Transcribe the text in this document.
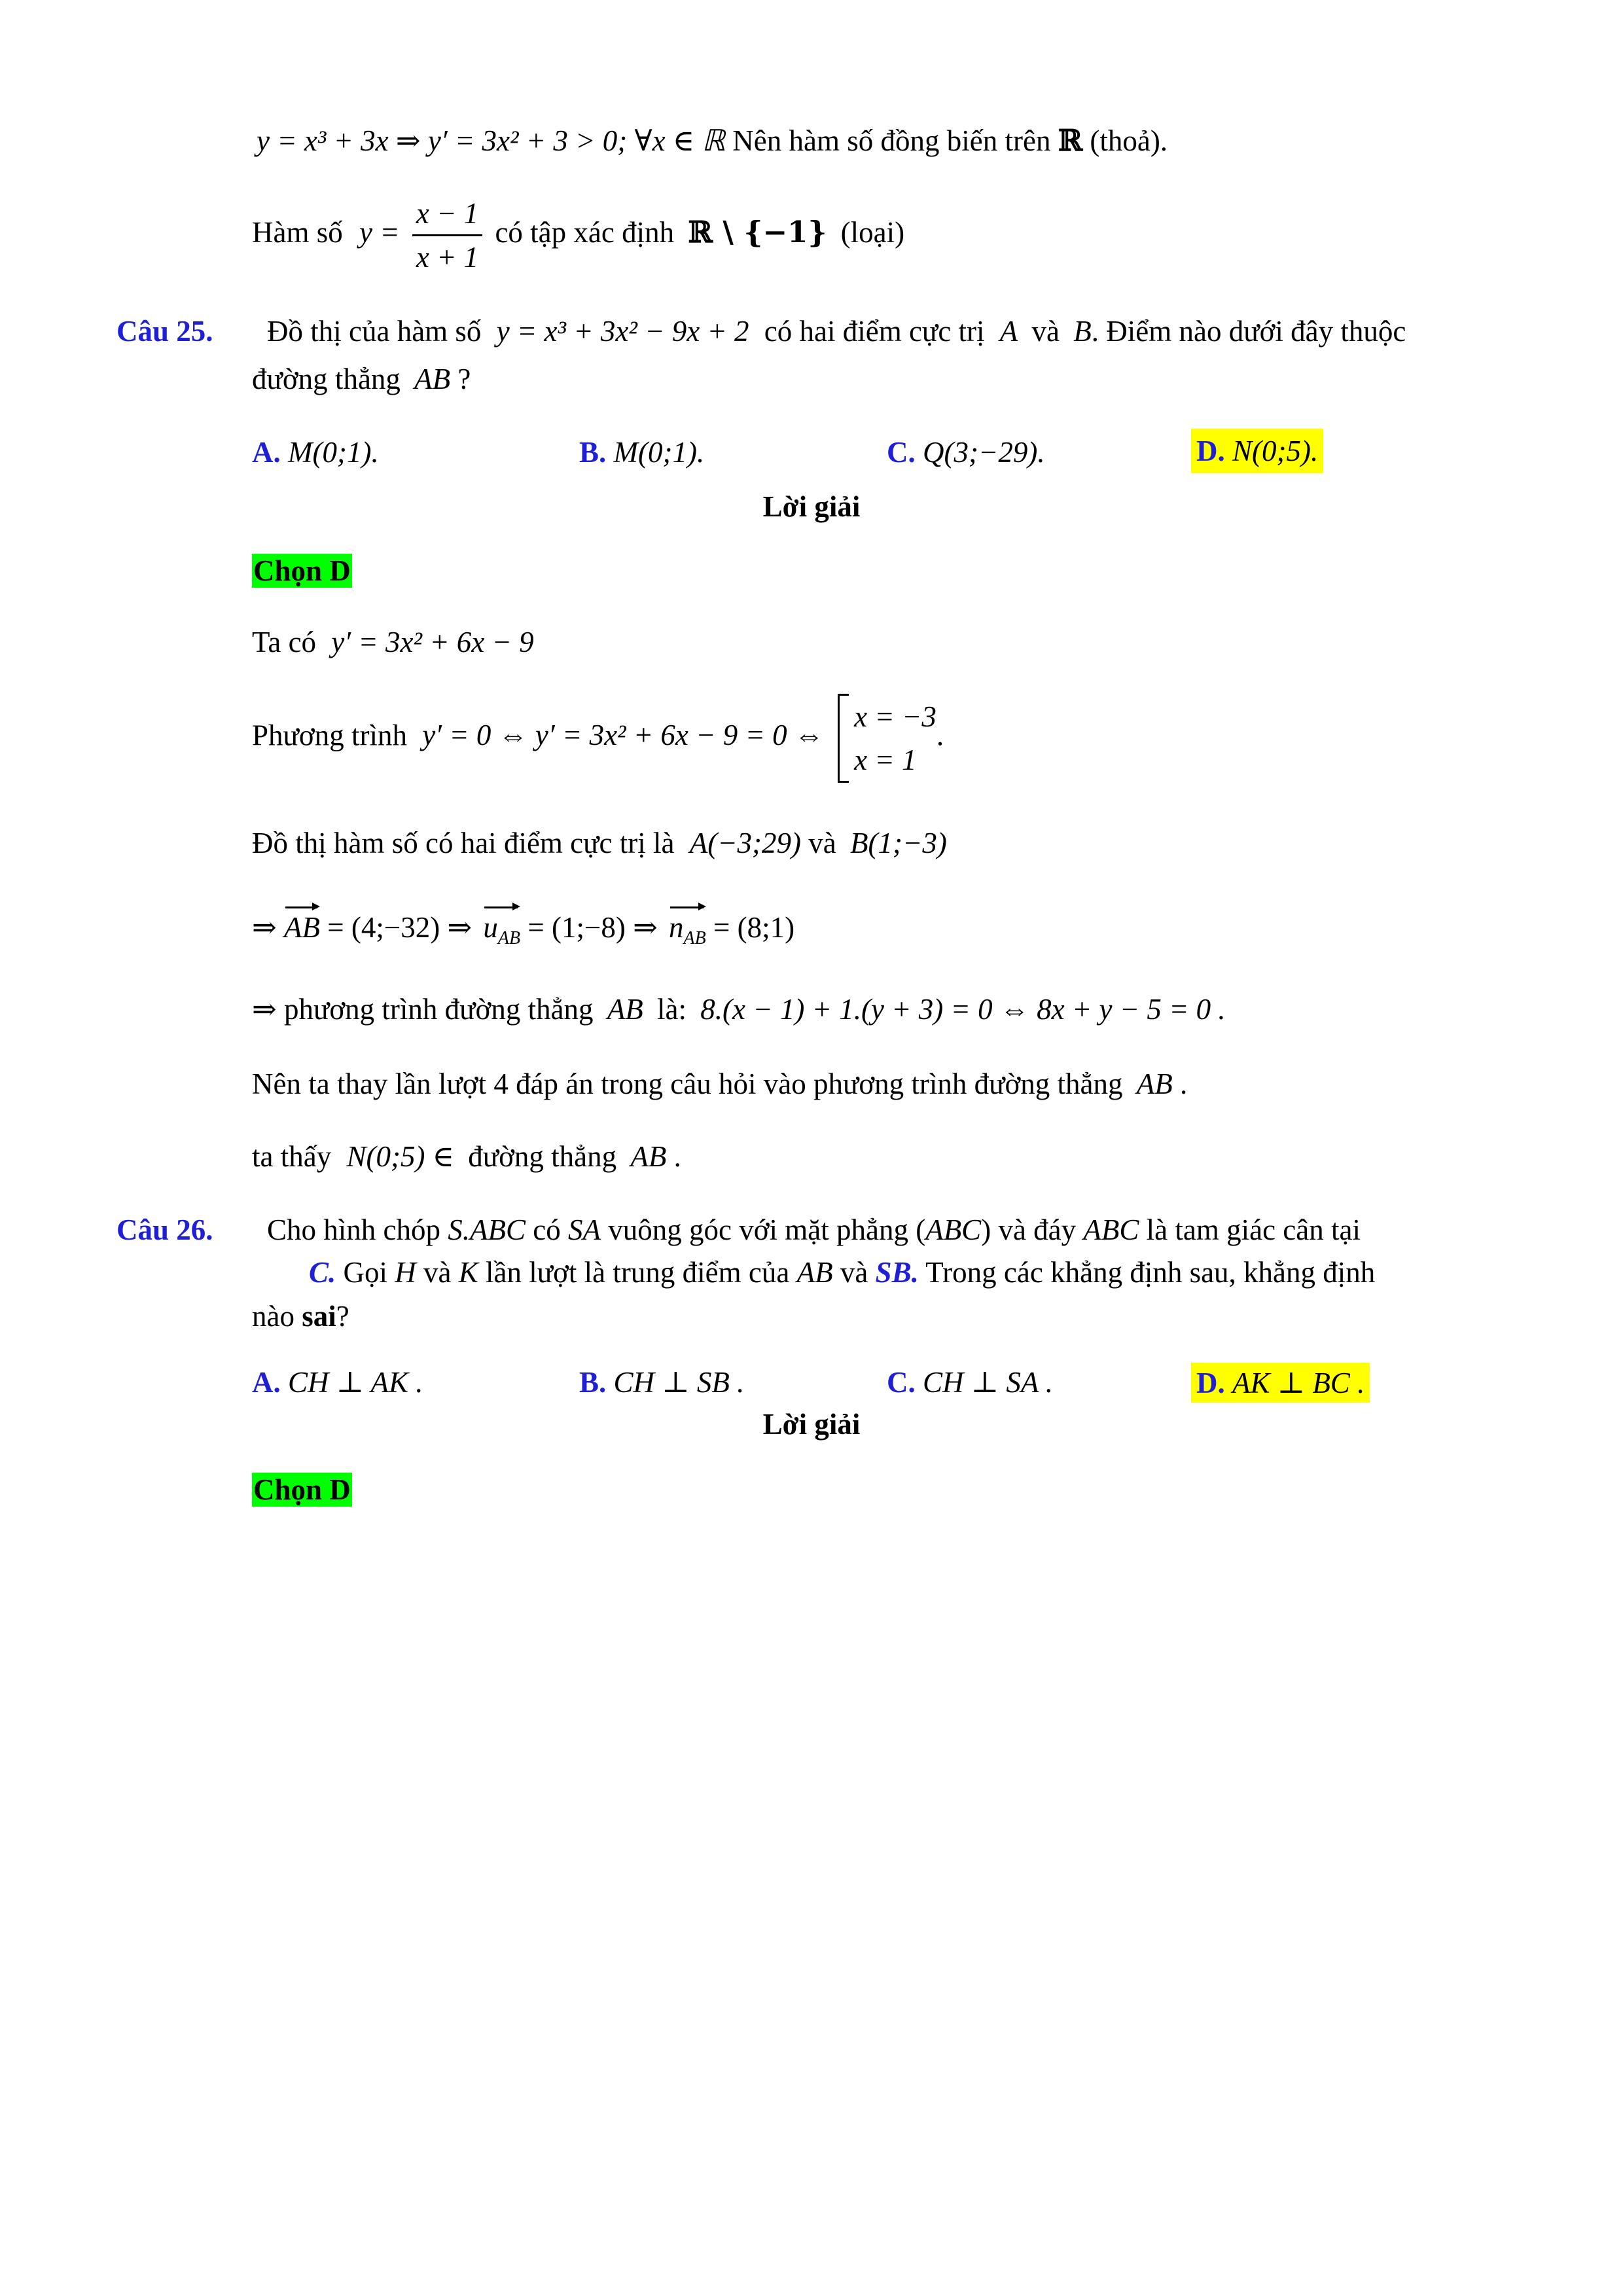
y = x³ + 3x ⇒ y′ = 3x² + 3 > 0; ∀x ∈ ℝ Nên hàm số đồng biến trên ℝ (thoả).
Hàm số $y = \frac{x - 1}{x + 1}$ có tập xác định ℝ \ {−1} (loại)
Câu 25. Đồ thị của hàm số y = x³ + 3x² − 9x + 2 có hai điểm cực trị A và B. Điểm nào dưới đây thuộc
đường thẳng AB ?
A. M(0;1).	B. M(0;1).	C. Q(3;−29).	D. N(0;5).
Lời giải
Chọn D
Ta có y′ = 3x² + 6x − 9
Phương trình y′ = 0 ⇔ y′ = 3x² + 6x − 9 = 0 ⇔
x = −3
x = 1
.
Đồ thị hàm số có hai điểm cực trị là A(−3;29) và B(1;−3)
⇒ AB = (4;−32) ⇒ $u_{AB}$ = (1;−8) ⇒ $n_{AB}$ = (8;1)
⇒ phương trình đường thẳng AB là: 8.(x − 1) + 1.(y + 3) = 0 ⇔ 8x + y − 5 = 0 .
Nên ta thay lần lượt 4 đáp án trong câu hỏi vào phương trình đường thẳng AB .
ta thấy N(0;5) ∈ đường thẳng AB .
Câu 26. Cho hình chóp S.ABC có SA vuông góc với mặt phẳng (ABC) và đáy ABC là tam giác cân tại
C. Gọi H và K lần lượt là trung điểm của AB và SB. Trong các khẳng định sau, khẳng định
nào sai?
A. CH ⊥ AK .	B. CH ⊥ SB .	C. CH ⊥ SA .	D. AK ⊥ BC .
Lời giải
Chọn D
